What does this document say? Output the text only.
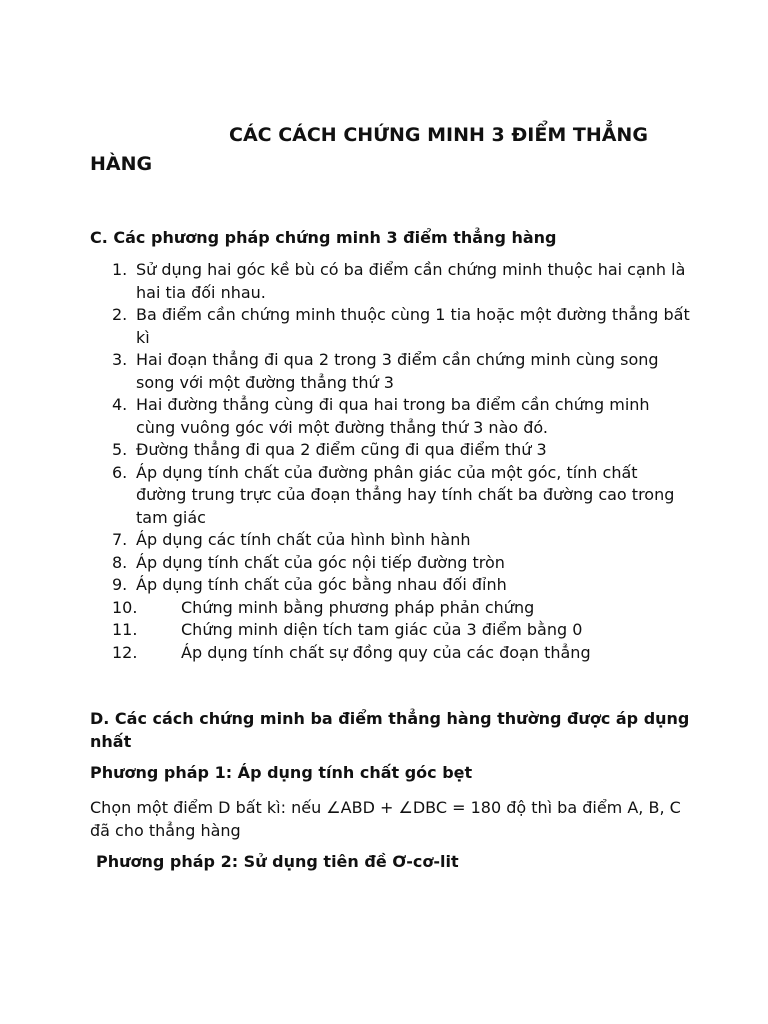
CÁC CÁCH CHỨNG MINH 3 ĐIỂM THẲNG HÀNG
C. Các phương pháp chứng minh 3 điểm thẳng hàng
1. Sử dụng hai góc kề bù có ba điểm cần chứng minh thuộc hai cạnh là hai tia đối nhau.
2. Ba điểm cần chứng minh thuộc cùng 1 tia hoặc một đường thẳng bất kì
3. Hai đoạn thẳng đi qua 2 trong 3 điểm cần chứng minh cùng song song với một đường thẳng thứ 3
4. Hai đường thẳng cùng đi qua hai trong ba điểm cần chứng minh cùng vuông góc với một đường thẳng thứ 3 nào đó.
5. Đường thẳng đi qua 2 điểm cũng đi qua điểm thứ 3
6. Áp dụng tính chất của đường phân giác của một góc, tính chất đường trung trực của đoạn thẳng hay tính chất ba đường cao trong tam giác
7. Áp dụng các tính chất của hình bình hành
8. Áp dụng tính chất của góc nội tiếp đường tròn
9. Áp dụng tính chất của góc bằng nhau đối đỉnh
10.	Chứng minh bằng phương pháp phản chứng
11.	Chứng minh diện tích tam giác của 3 điểm bằng 0
12.	Áp dụng tính chất sự đồng quy của các đoạn thẳng
D. Các cách chứng minh ba điểm thẳng hàng thường được áp dụng nhất
Phương pháp 1: Áp dụng tính chất góc bẹt

Chọn một điểm D bất kì: nếu ∠ABD + ∠DBC = 180 độ thì ba điểm A, B, C đã cho thẳng hàng

Phương pháp 2: Sử dụng tiên đề Ơ-cơ-lit
